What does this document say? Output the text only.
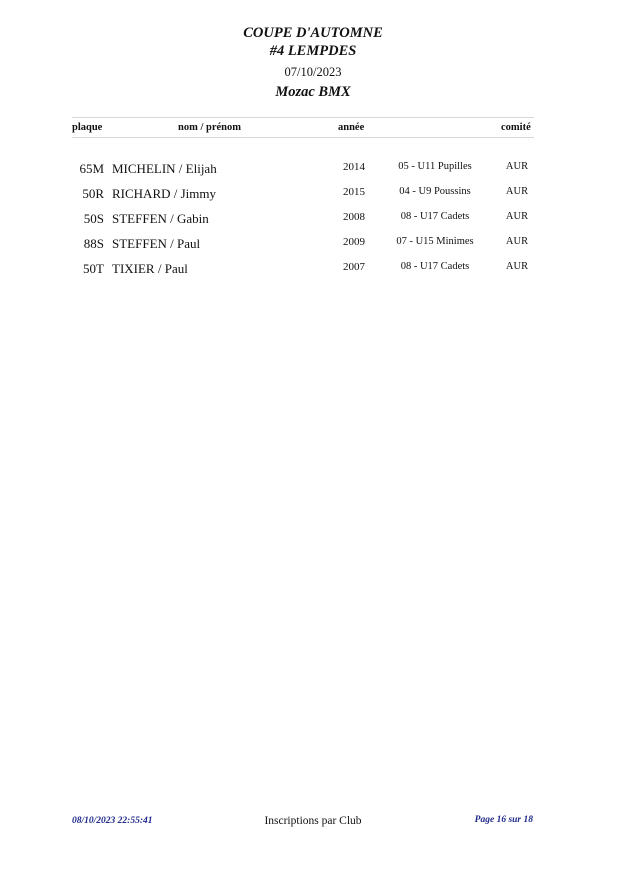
COUPE D'AUTOMNE
#4 LEMPDES
07/10/2023
Mozac BMX
plaque	nom / prénom	année	comité
65M MICHELIN / Elijah	2014	05 - U11 Pupilles	AUR
50R RICHARD / Jimmy	2015	04 - U9 Poussins	AUR
50S STEFFEN / Gabin	2008	08 - U17 Cadets	AUR
88S STEFFEN / Paul	2009	07 - U15 Minimes	AUR
50T TIXIER / Paul	2007	08 - U17 Cadets	AUR
08/10/2023 22:55:41	Inscriptions par Club	Page 16 sur 18
